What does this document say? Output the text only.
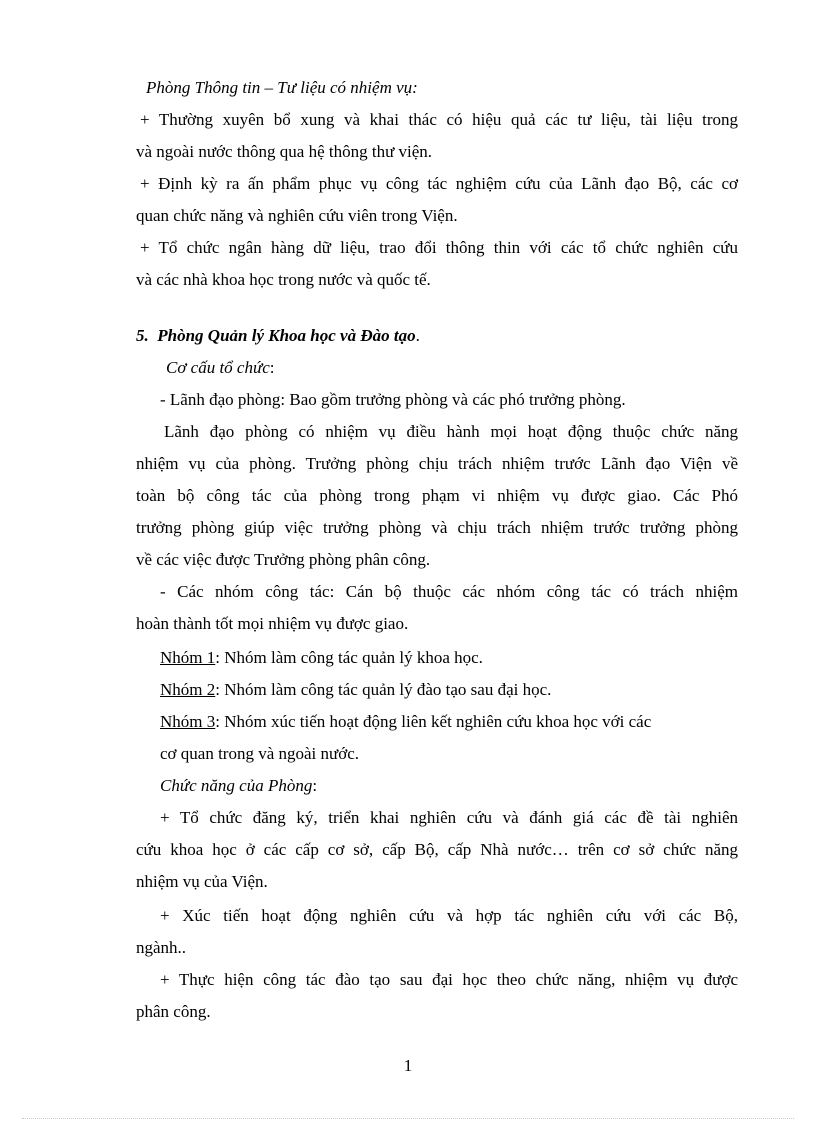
Phòng Thông tin – Tư liệu có nhiệm vụ:
+ Thường xuyên bổ xung và khai thác có hiệu quả các tư liệu, tài liệu trong
và ngoài nước thông qua hệ thông thư viện.
+ Định kỳ ra ấn phẩm phục vụ công tác nghiệm cứu của Lãnh đạo Bộ, các cơ
quan chức năng và nghiên cứu viên trong Viện.
+ Tổ chức ngân hàng dữ liệu, trao đổi thông thin với các tổ chức nghiên cứu
và các nhà khoa học trong nước và quốc tế.
5. Phòng Quản lý Khoa học và Đào tạo.
Cơ cấu tổ chức:
- Lãnh đạo phòng: Bao gồm trưởng phòng và các phó trưởng phòng.
Lãnh đạo phòng có nhiệm vụ điều hành mọi hoạt động thuộc chức năng
nhiệm vụ của phòng. Trưởng phòng chịu trách nhiệm trước Lãnh đạo Viện về
toàn bộ công tác của phòng trong phạm vi nhiệm vụ được giao. Các Phó
trưởng phòng giúp việc trưởng phòng và chịu trách nhiệm trước trưởng phòng
về các việc được Trưởng phòng phân công.
- Các nhóm công tác: Cán bộ thuộc các nhóm công tác có trách nhiệm
hoàn thành tốt mọi nhiệm vụ được giao.
Nhóm 1: Nhóm làm công tác quản lý khoa học.
Nhóm 2: Nhóm làm công tác quản lý đào tạo sau đại học.
Nhóm 3: Nhóm xúc tiến hoạt động liên kết nghiên cứu khoa học với các
cơ quan trong và ngoài nước.
Chức năng của Phòng:
+ Tổ chức đăng ký, triển khai nghiên cứu và đánh giá các đề tài nghiên
cứu khoa học ở các cấp cơ sở, cấp Bộ, cấp Nhà nước… trên cơ sở chức năng
nhiệm vụ của Viện.
+ Xúc tiến hoạt động nghiên cứu và hợp tác nghiên cứu với các Bộ,
ngành..
+ Thực hiện công tác đào tạo sau đại học theo chức năng, nhiệm vụ được
phân công.
1
